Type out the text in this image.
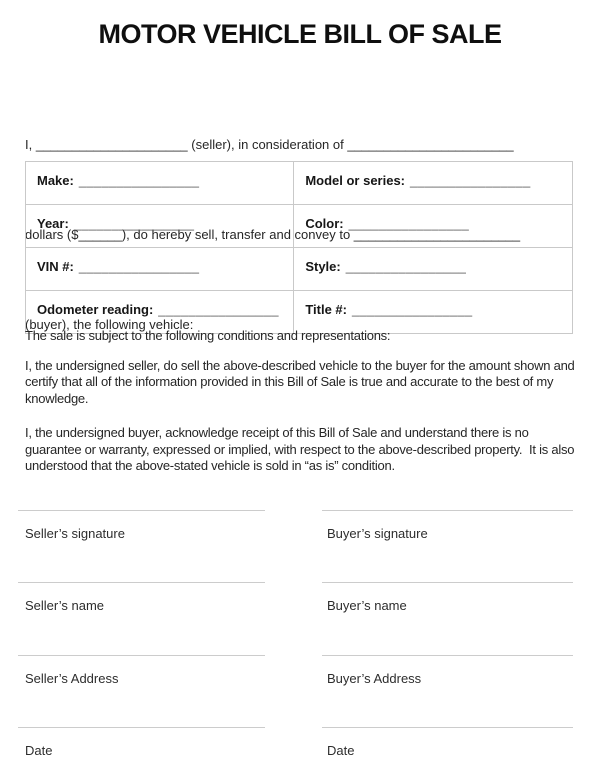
MOTOR VEHICLE BILL OF SALE

I, _____________________ (seller), in consideration of _______________________

dollars ($______), do hereby sell, transfer and convey to _______________________

(buyer), the following vehicle:

Make: ________________	Model or series: ________________
Year: ________________	Color: ________________
VIN #: ________________	Style: ________________
Odometer reading: ________________	Title #: ________________

The sale is subject to the following conditions and representations:

I, the undersigned seller, do sell the above-described vehicle to the buyer for the amount shown and certify that all of the information provided in this Bill of Sale is true and accurate to the best of my knowledge.

I, the undersigned buyer, acknowledge receipt of this Bill of Sale and understand there is no guarantee or warranty, expressed or implied, with respect to the above-described property.  It is also understood that the above-stated vehicle is sold in “as is” condition.

Seller’s signature	Buyer’s signature
Seller’s name	Buyer’s name
Seller’s Address	Buyer’s Address
Date	Date
